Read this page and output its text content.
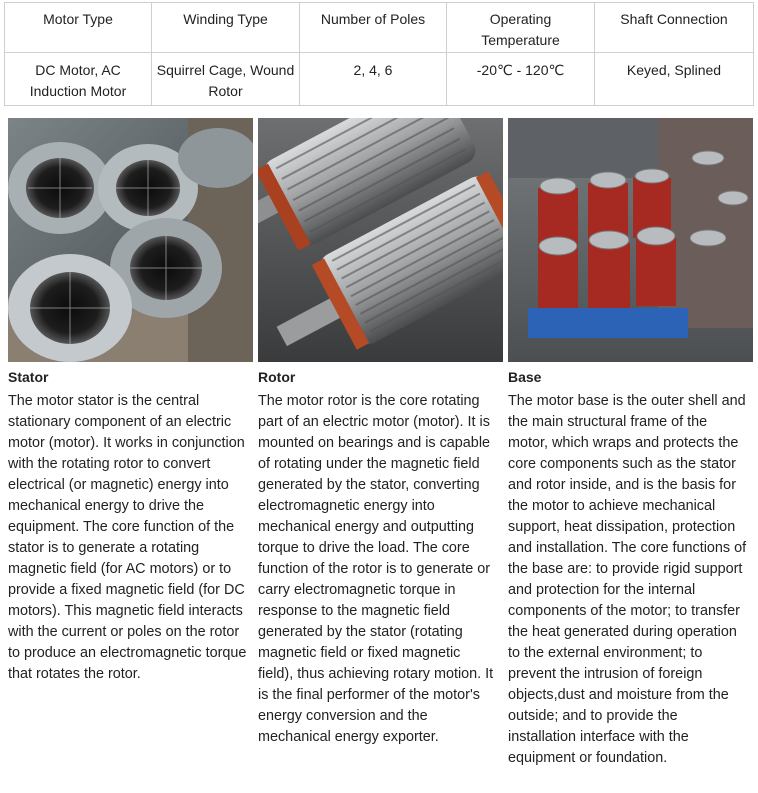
Motor Type	Winding Type	Number of Poles	Operating Temperature	Shaft Connection
DC Motor, AC Induction Motor	Squirrel Cage, Wound Rotor	2, 4, 6	-20℃ - 120℃	Keyed, Splined
Stator	Rotor	Base
The motor stator is the central stationary component of an electric motor (motor). It works in conjunction with the rotating rotor to convert electrical (or magnetic) energy into mechanical energy to drive the equipment. The core function of the stator is to generate a rotating magnetic field (for AC motors) or to provide a fixed magnetic field (for DC motors). This magnetic field interacts with the current or poles on the rotor to produce an electromagnetic torque that rotates the rotor.
The motor rotor is the core rotating part of an electric motor (motor). It is mounted on bearings and is capable of rotating under the magnetic field generated by the stator, converting electromagnetic energy into mechanical energy and outputting torque to drive the load. The core function of the rotor is to generate or carry electromagnetic torque in response to the magnetic field generated by the stator (rotating magnetic field or fixed magnetic field), thus achieving rotary motion. It is the final performer of the motor's energy conversion and the mechanical energy exporter.
The motor base is the outer shell and the main structural frame of the motor, which wraps and protects the core components such as the stator and rotor inside, and is the basis for the motor to achieve mechanical support, heat dissipation, protection and installation. The core functions of the base are: to provide rigid support and protection for the internal components of the motor; to transfer the heat generated during operation to the external environment; to prevent the intrusion of foreign objects,dust and moisture from the outside; and to provide the installation interface with the equipment or foundation.
